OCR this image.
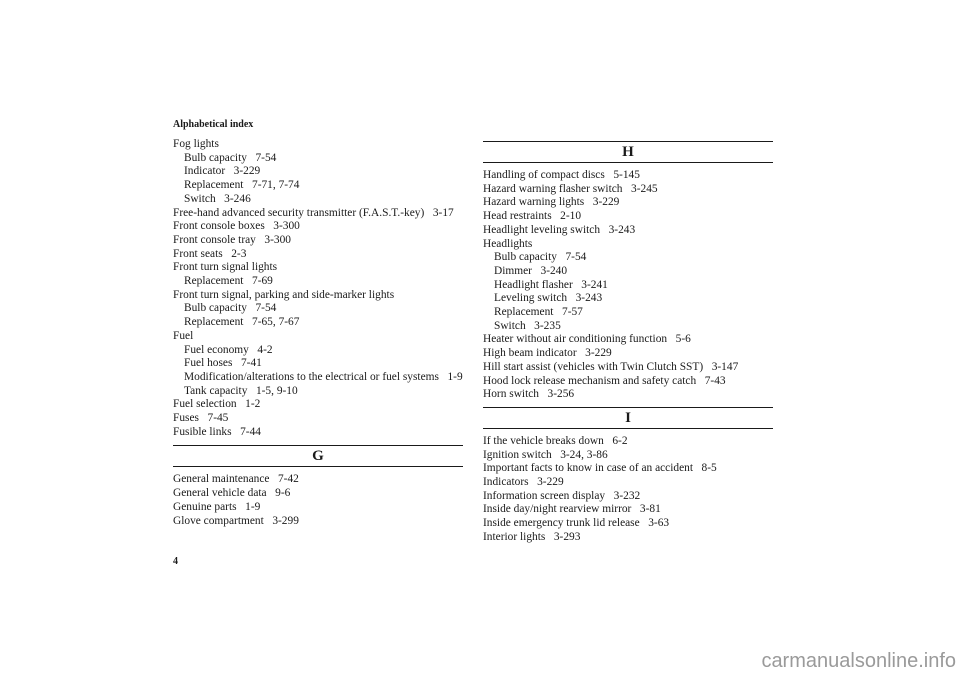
Alphabetical index
Fog lights
Bulb capacity   7-54
Indicator   3-229
Replacement   7-71, 7-74
Switch   3-246
Free-hand advanced security transmitter (F.A.S.T.-key)   3-17
Front console boxes   3-300
Front console tray   3-300
Front seats   2-3
Front turn signal lights
Replacement   7-69
Front turn signal, parking and side-marker lights
Bulb capacity   7-54
Replacement   7-65, 7-67
Fuel
Fuel economy   4-2
Fuel hoses   7-41
Modification/alterations to the electrical or fuel systems   1-9
Tank capacity   1-5, 9-10
Fuel selection   1-2
Fuses   7-45
Fusible links   7-44
G
General maintenance   7-42
General vehicle data   9-6
Genuine parts   1-9
Glove compartment   3-299
H
Handling of compact discs   5-145
Hazard warning flasher switch   3-245
Hazard warning lights   3-229
Head restraints   2-10
Headlight leveling switch   3-243
Headlights
Bulb capacity   7-54
Dimmer   3-240
Headlight flasher   3-241
Leveling switch   3-243
Replacement   7-57
Switch   3-235
Heater without air conditioning function   5-6
High beam indicator   3-229
Hill start assist (vehicles with Twin Clutch SST)   3-147
Hood lock release mechanism and safety catch   7-43
Horn switch   3-256
I
If the vehicle breaks down   6-2
Ignition switch   3-24, 3-86
Important facts to know in case of an accident   8-5
Indicators   3-229
Information screen display   3-232
Inside day/night rearview mirror   3-81
Inside emergency trunk lid release   3-63
Interior lights   3-293
4
carmanualsonline.info
